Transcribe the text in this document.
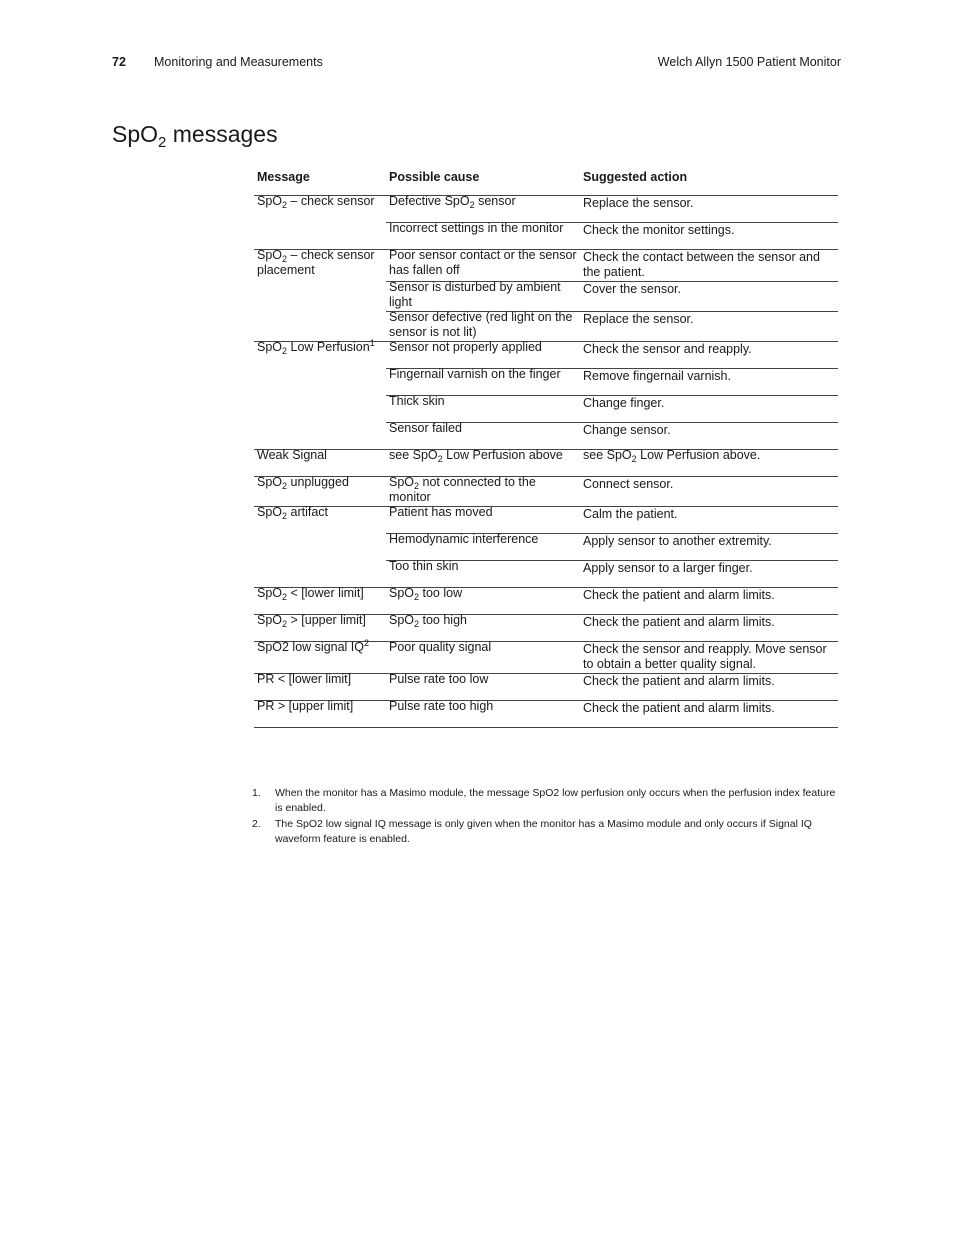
72 Monitoring and Measurements	Welch Allyn 1500 Patient Monitor
SpO$_2$ messages
Message	Possible cause	Suggested action

SpO$_2$ – check sensor	Defective SpO$_2$ sensor	Replace the sensor.

	Incorrect settings in the monitor	Check the monitor settings.

SpO$_2$ – check sensor placement	Poor sensor contact or the sensor has fallen off	Check the contact between the sensor and the patient.

	Sensor is disturbed by ambient light	Cover the sensor.

	Sensor defective (red light on the sensor is not lit)	Replace the sensor.

SpO$_2$ Low Perfusion$^1$	Sensor not properly applied	Check the sensor and reapply.

	Fingernail varnish on the finger	Remove fingernail varnish.

	Thick skin	Change finger.

	Sensor failed	Change sensor.

Weak Signal	see SpO$_2$ Low Perfusion above	see SpO$_2$ Low Perfusion above.

SpO$_2$ unplugged	SpO$_2$ not connected to the monitor	Connect sensor.

SpO$_2$ artifact	Patient has moved	Calm the patient.

	Hemodynamic interference	Apply sensor to another extremity.

	Too thin skin	Apply sensor to a larger finger.

SpO$_2$ < [lower limit]	SpO$_2$ too low	Check the patient and alarm limits.

SpO$_2$ > [upper limit]	SpO$_2$ too high	Check the patient and alarm limits.

SpO2 low signal $IQ^2$	Poor quality signal	Check the sensor and reapply. Move sensor to obtain a better quality signal.

PR < [lower limit]	Pulse rate too low	Check the patient and alarm limits.

PR > [upper limit]	Pulse rate too high	Check the patient and alarm limits.
1. When the monitor has a Masimo module, the message SpO2 low perfusion only occurs when the perfusion index feature is enabled.
2. The SpO2 low signal IQ message is only given when the monitor has a Masimo module and only occurs if Signal IQ waveform feature is enabled.
